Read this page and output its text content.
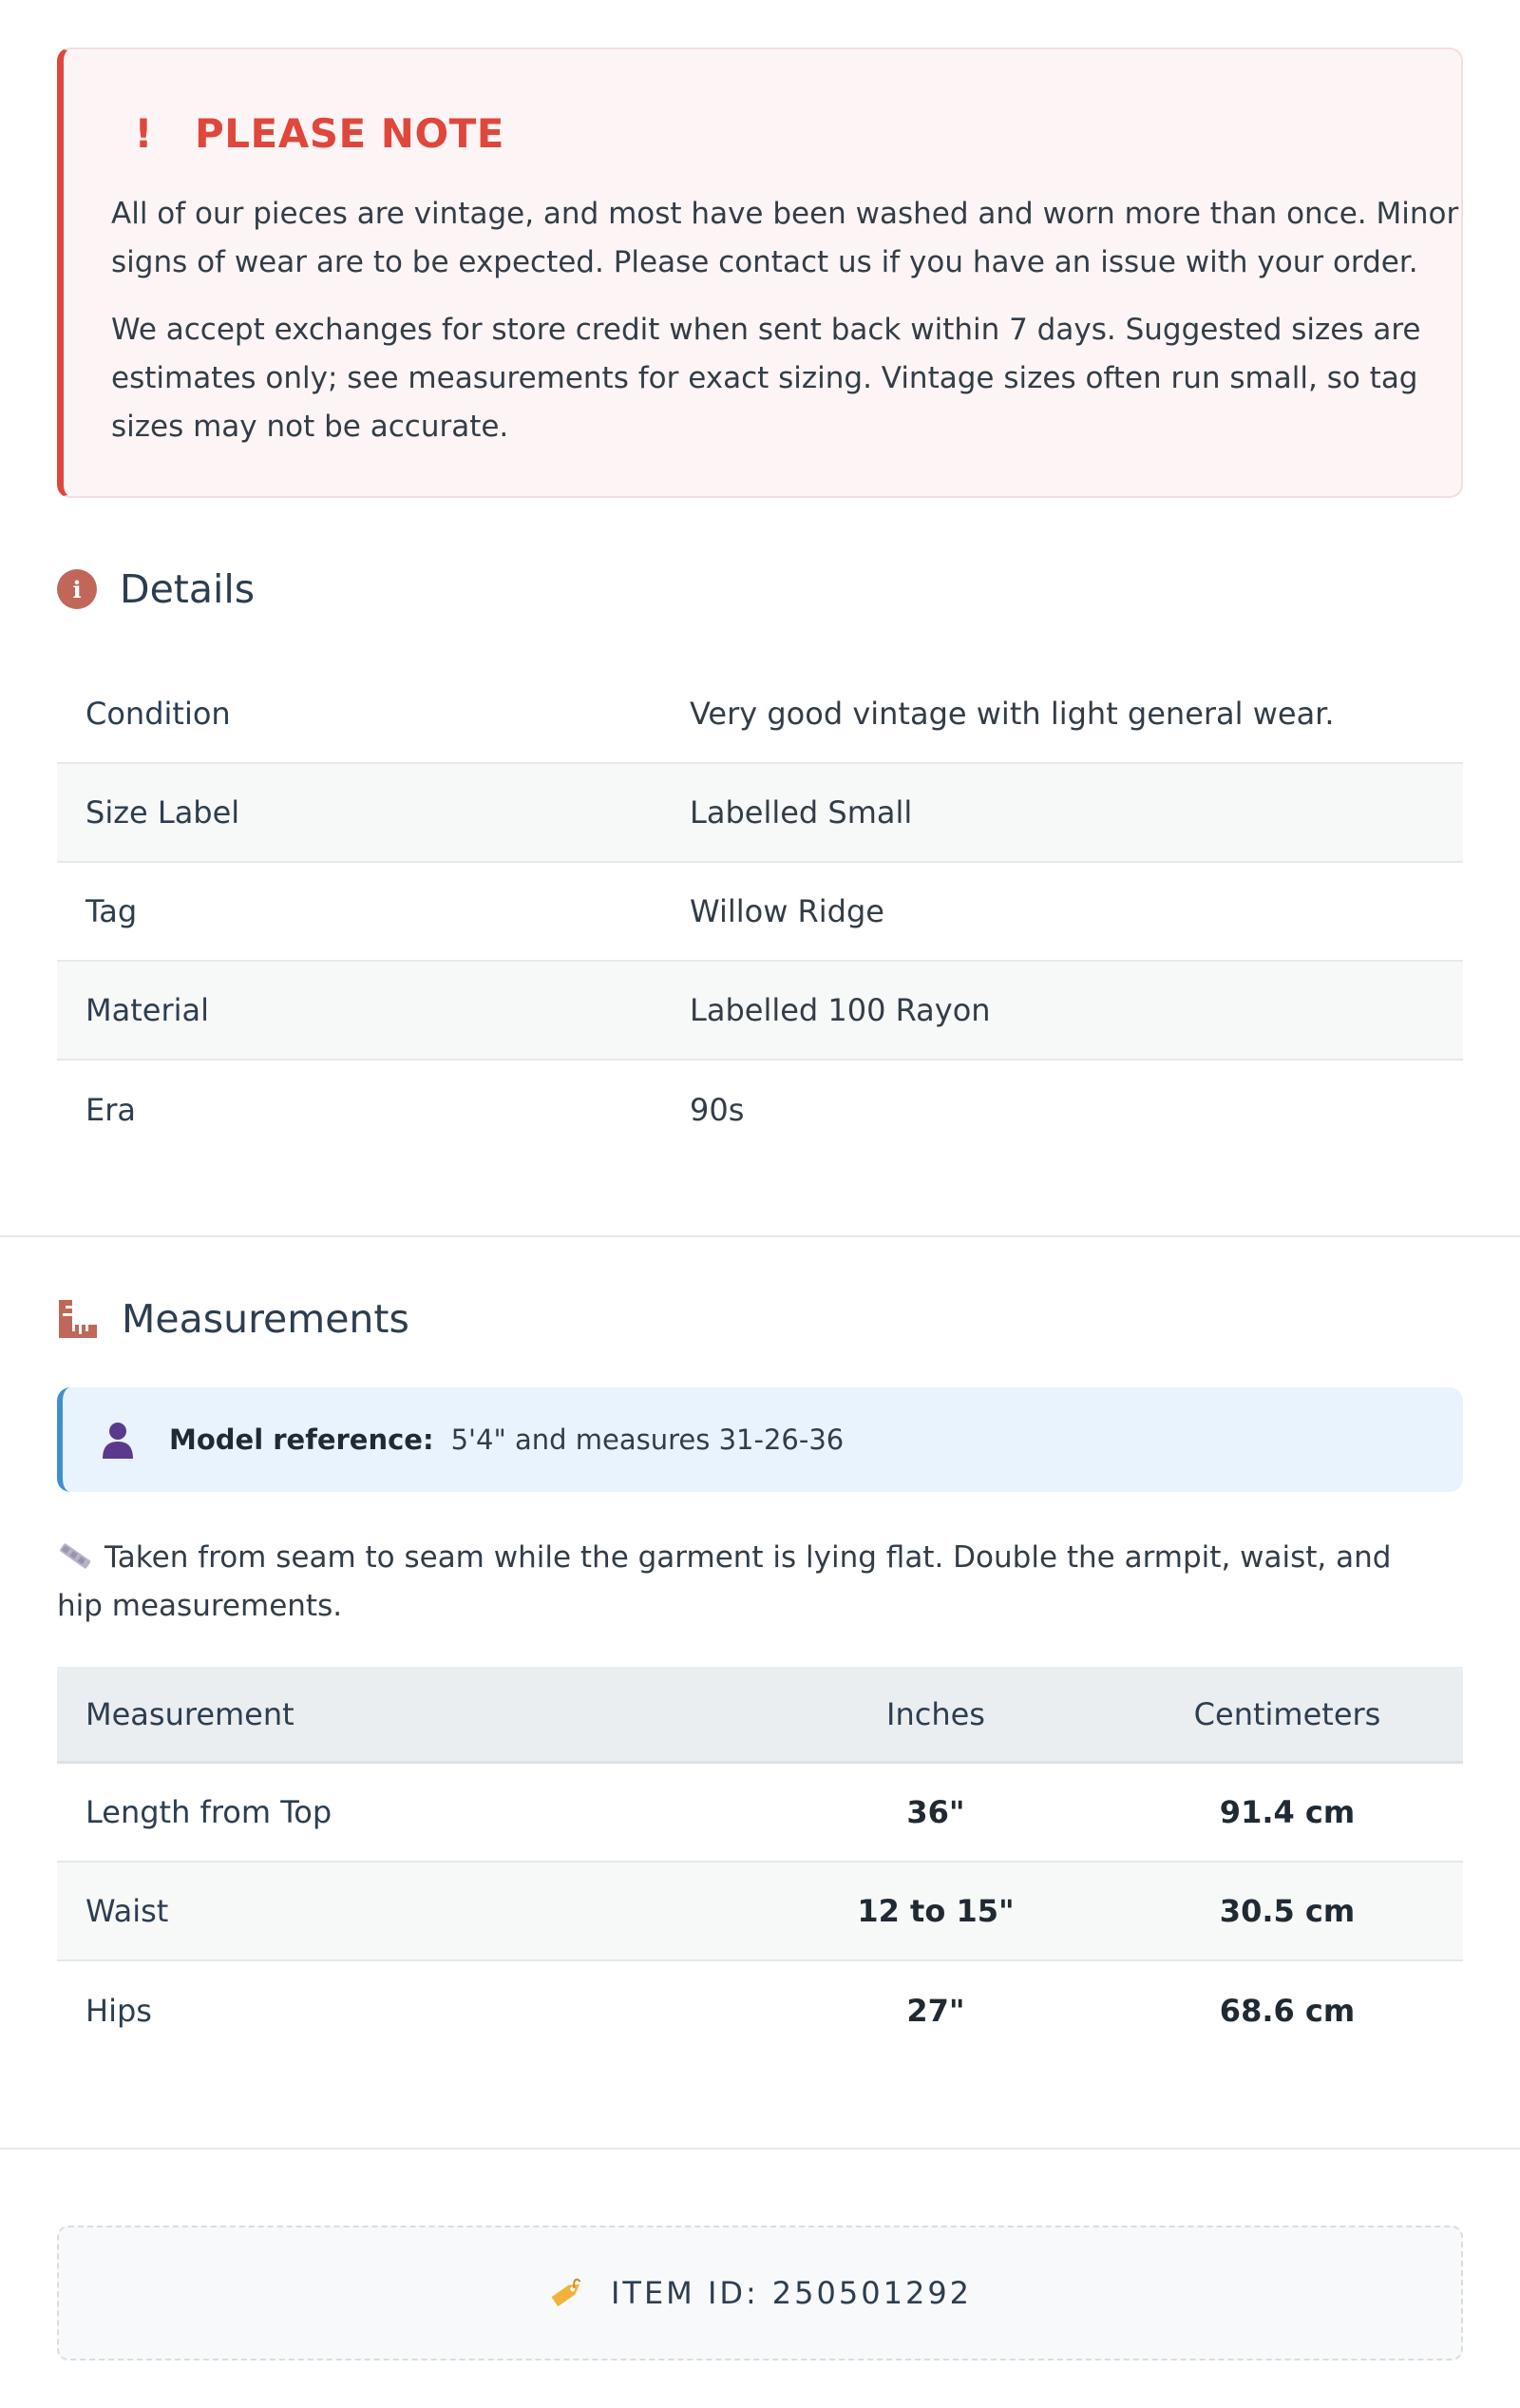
! PLEASE NOTE

All of our pieces are vintage, and most have been washed and worn more than once. Minor signs of wear are to be expected. Please contact us if you have an issue with your order.

We accept exchanges for store credit when sent back within 7 days. Suggested sizes are estimates only; see measurements for exact sizing. Vintage sizes often run small, so tag sizes may not be accurate.

i Details
Condition	Very good vintage with light general wear.
Size Label	Labelled Small
Tag	Willow Ridge
Material	Labelled 100 Rayon
Era	90s
Measurements
Model reference: 5'4" and measures 31-26-36

Taken from seam to seam while the garment is lying flat. Double the armpit, waist, and hip measurements.

Measurement	Inches	Centimeters
Length from Top	36"	91.4 cm
Waist	12 to 15"	30.5 cm
Hips	27"	68.6 cm
ITEM ID: 250501292
